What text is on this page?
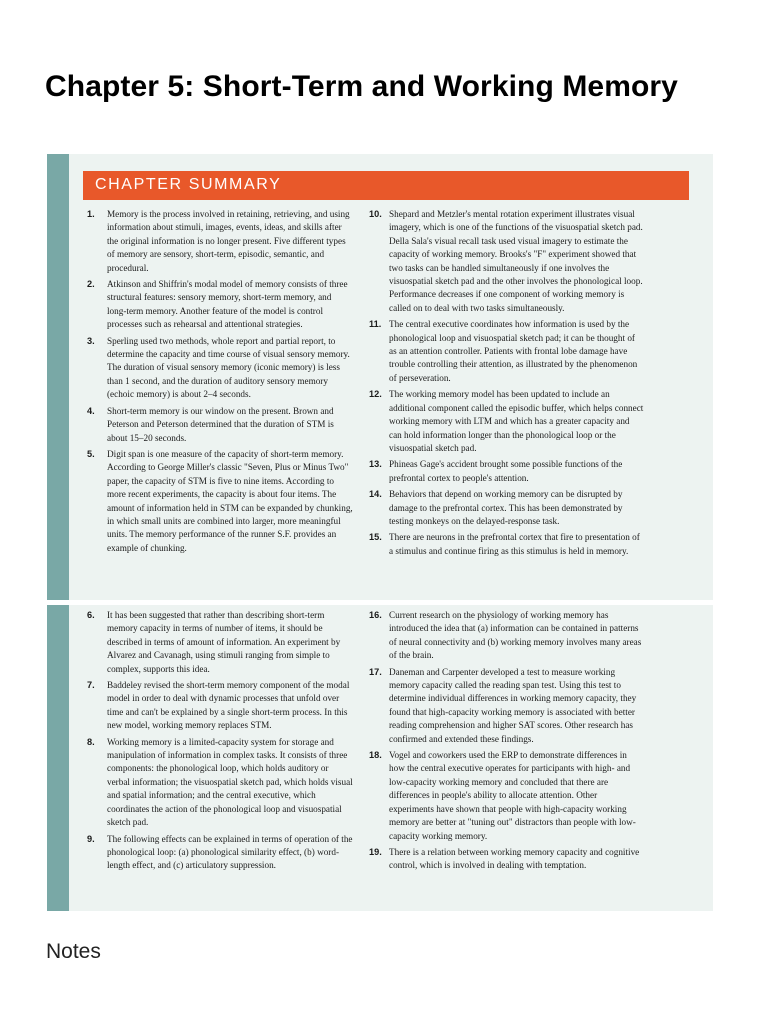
Chapter 5: Short-Term and Working Memory
CHAPTER SUMMARY
1. Memory is the process involved in retaining, retrieving, and using information about stimuli, images, events, ideas, and skills after the original information is no longer present. Five different types of memory are sensory, short-term, episodic, semantic, and procedural.
2. Atkinson and Shiffrin's modal model of memory consists of three structural features: sensory memory, short-term memory, and long-term memory. Another feature of the model is control processes such as rehearsal and attentional strategies.
3. Sperling used two methods, whole report and partial report, to determine the capacity and time course of visual sensory memory. The duration of visual sensory memory (iconic memory) is less than 1 second, and the duration of auditory sensory memory (echoic memory) is about 2–4 seconds.
4. Short-term memory is our window on the present. Brown and Peterson and Peterson determined that the duration of STM is about 15–20 seconds.
5. Digit span is one measure of the capacity of short-term memory. According to George Miller's classic "Seven, Plus or Minus Two" paper, the capacity of STM is five to nine items. According to more recent experiments, the capacity is about four items. The amount of information held in STM can be expanded by chunking, in which small units are combined into larger, more meaningful units. The memory performance of the runner S.F. provides an example of chunking.
10. Shepard and Metzler's mental rotation experiment illustrates visual imagery, which is one of the functions of the visuospatial sketch pad. Della Sala's visual recall task used visual imagery to estimate the capacity of working memory. Brooks's "F" experiment showed that two tasks can be handled simultaneously if one involves the visuospatial sketch pad and the other involves the phonological loop. Performance decreases if one component of working memory is called on to deal with two tasks simultaneously.
11. The central executive coordinates how information is used by the phonological loop and visuospatial sketch pad; it can be thought of as an attention controller. Patients with frontal lobe damage have trouble controlling their attention, as illustrated by the phenomenon of perseveration.
12. The working memory model has been updated to include an additional component called the episodic buffer, which helps connect working memory with LTM and which has a greater capacity and can hold information longer than the phonological loop or the visuospatial sketch pad.
13. Phineas Gage's accident brought some possible functions of the prefrontal cortex to people's attention.
14. Behaviors that depend on working memory can be disrupted by damage to the prefrontal cortex. This has been demonstrated by testing monkeys on the delayed-response task.
15. There are neurons in the prefrontal cortex that fire to presentation of a stimulus and continue firing as this stimulus is held in memory.
6. It has been suggested that rather than describing short-term memory capacity in terms of number of items, it should be described in terms of amount of information. An experiment by Alvarez and Cavanagh, using stimuli ranging from simple to complex, supports this idea.
7. Baddeley revised the short-term memory component of the modal model in order to deal with dynamic processes that unfold over time and can't be explained by a single short-term process. In this new model, working memory replaces STM.
8. Working memory is a limited-capacity system for storage and manipulation of information in complex tasks. It consists of three components: the phonological loop, which holds auditory or verbal information; the visuospatial sketch pad, which holds visual and spatial information; and the central executive, which coordinates the action of the phonological loop and visuospatial sketch pad.
9. The following effects can be explained in terms of operation of the phonological loop: (a) phonological similarity effect, (b) word-length effect, and (c) articulatory suppression.
16. Current research on the physiology of working memory has introduced the idea that (a) information can be contained in patterns of neural connectivity and (b) working memory involves many areas of the brain.
17. Daneman and Carpenter developed a test to measure working memory capacity called the reading span test. Using this test to determine individual differences in working memory capacity, they found that high-capacity working memory is associated with better reading comprehension and higher SAT scores. Other research has confirmed and extended these findings.
18. Vogel and coworkers used the ERP to demonstrate differences in how the central executive operates for participants with high- and low-capacity working memory and concluded that there are differences in people's ability to allocate attention. Other experiments have shown that people with high-capacity working memory are better at "tuning out" distractors than people with low-capacity working memory.
19. There is a relation between working memory capacity and cognitive control, which is involved in dealing with temptation.
Notes
